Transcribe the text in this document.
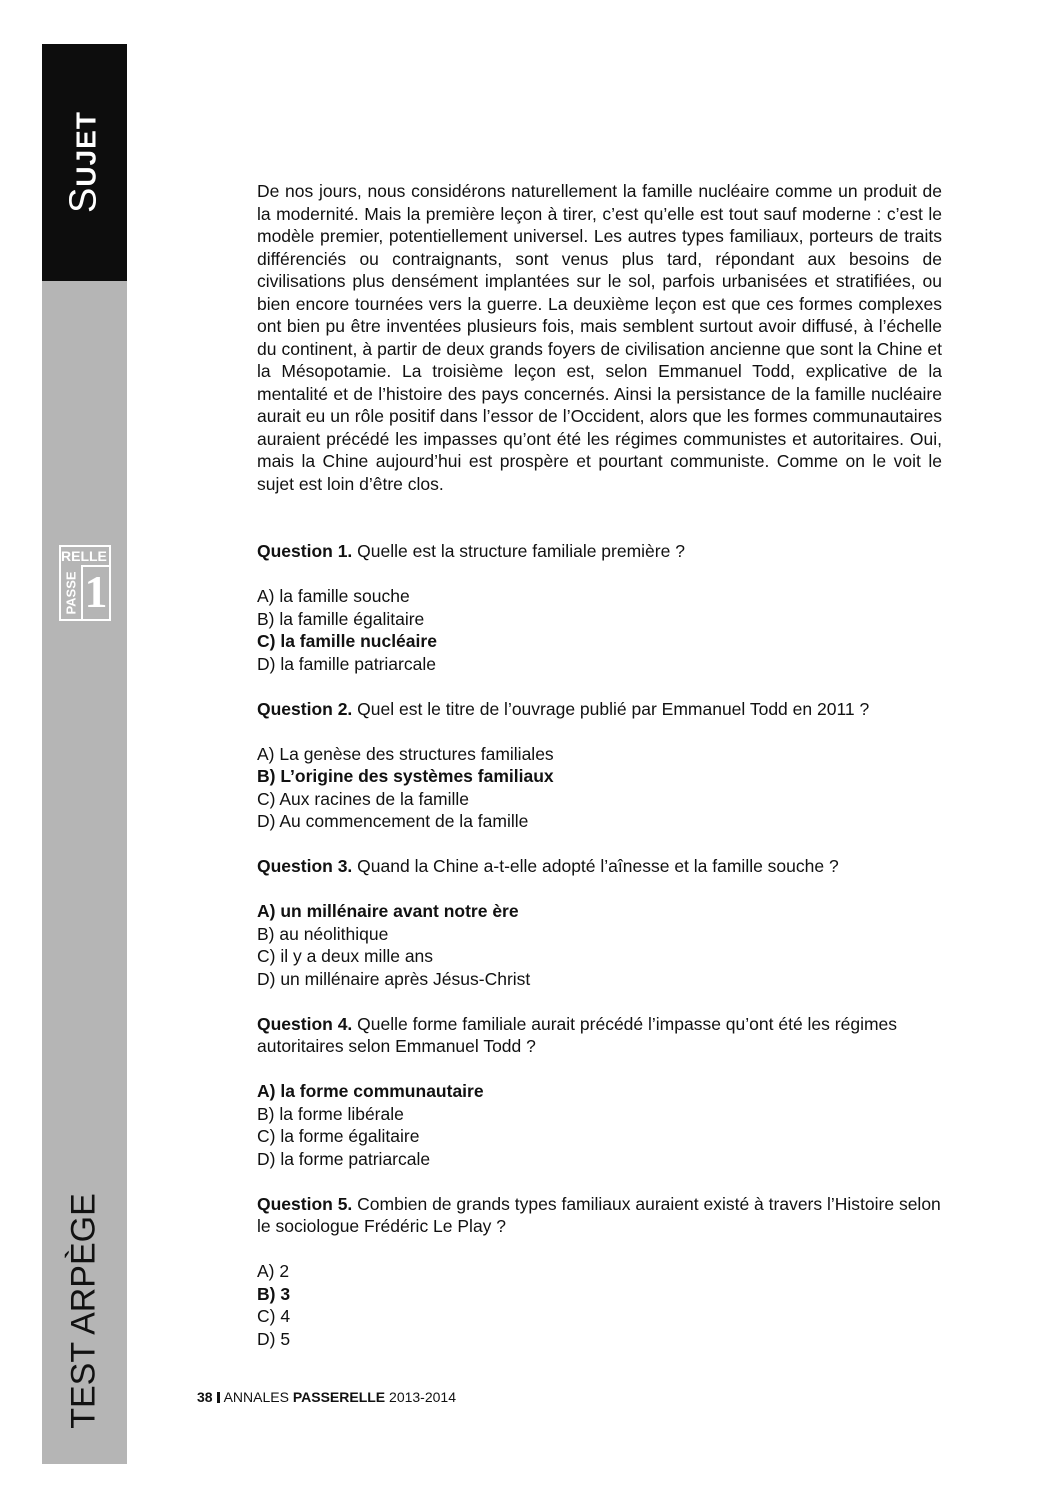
SUJET
RELLE
PASSE 1
TEST ARPÈGE

De nos jours, nous considérons naturellement la famille nucléaire comme un produit de la modernité. Mais la première leçon à tirer, c’est qu’elle est tout sauf moderne : c’est le modèle premier, potentiellement universel. Les autres types familiaux, porteurs de traits différenciés ou contraignants, sont venus plus tard, répondant aux besoins de civilisations plus densément implantées sur le sol, parfois urbanisées et stratifiées, ou bien encore tournées vers la guerre. La deuxième leçon est que ces formes complexes ont bien pu être inventées plusieurs fois, mais semblent surtout avoir diffusé, à l’échelle du continent, à partir de deux grands foyers de civilisation ancienne que sont la Chine et la Mésopotamie. La troisième leçon est, selon Emmanuel Todd, explicative de la mentalité et de l’histoire des pays concernés. Ainsi la persistance de la famille nucléaire aurait eu un rôle positif dans l’essor de l’Occident, alors que les formes communautaires auraient précédé les impasses qu’ont été les régimes communistes et autoritaires. Oui, mais la Chine aujourd’hui est prospère et pourtant communiste. Comme on le voit le sujet est loin d’être clos.

Question 1. Quelle est la structure familiale première ?

A) la famille souche
B) la famille égalitaire
C) la famille nucléaire
D) la famille patriarcale

Question 2. Quel est le titre de l’ouvrage publié par Emmanuel Todd en 2011 ?

A) La genèse des structures familiales
B) L’origine des systèmes familiaux
C) Aux racines de la famille
D) Au commencement de la famille

Question 3. Quand la Chine a-t-elle adopté l’aînesse et la famille souche ?

A) un millénaire avant notre ère
B) au néolithique
C) il y a deux mille ans
D) un millénaire après Jésus-Christ

Question 4. Quelle forme familiale aurait précédé l’impasse qu’ont été les régimes autoritaires selon Emmanuel Todd ?

A) la forme communautaire
B) la forme libérale
C) la forme égalitaire
D) la forme patriarcale

Question 5. Combien de grands types familiaux auraient existé à travers l’Histoire selon le sociologue Frédéric Le Play ?

A) 2
B) 3
C) 4
D) 5
38 ANNALES PASSERELLE 2013-2014
